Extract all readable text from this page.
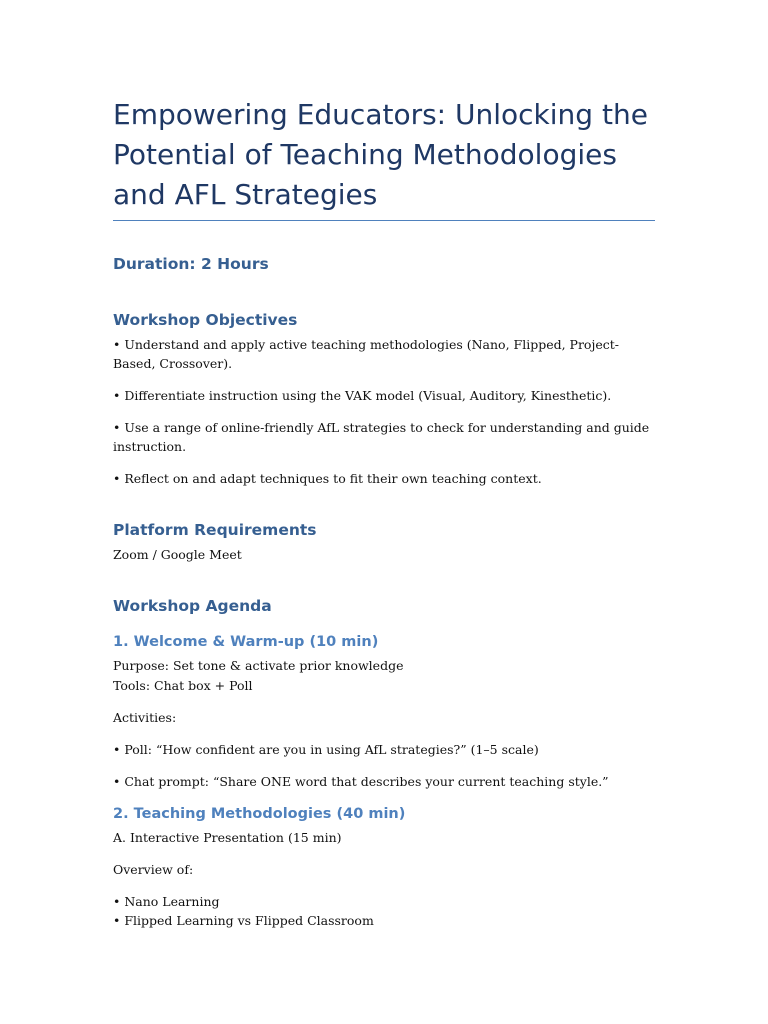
Empowering Educators: Unlocking the Potential of Teaching Methodologies and AFL Strategies
Duration: 2 Hours
Workshop Objectives

• Understand and apply active teaching methodologies (Nano, Flipped, Project-Based, Crossover).

• Differentiate instruction using the VAK model (Visual, Auditory, Kinesthetic).

• Use a range of online-friendly AfL strategies to check for understanding and guide instruction.

• Reflect on and adapt techniques to fit their own teaching context.

Platform Requirements

Zoom / Google Meet

Workshop Agenda
1. Welcome & Warm-up (10 min)

Purpose: Set tone & activate prior knowledge

Tools: Chat box + Poll

Activities:

• Poll: “How confident are you in using AfL strategies?” (1–5 scale)

• Chat prompt: “Share ONE word that describes your current teaching style.”

2. Teaching Methodologies (40 min)

A. Interactive Presentation (15 min)

Overview of:

• Nano Learning

• Flipped Learning vs Flipped Classroom
